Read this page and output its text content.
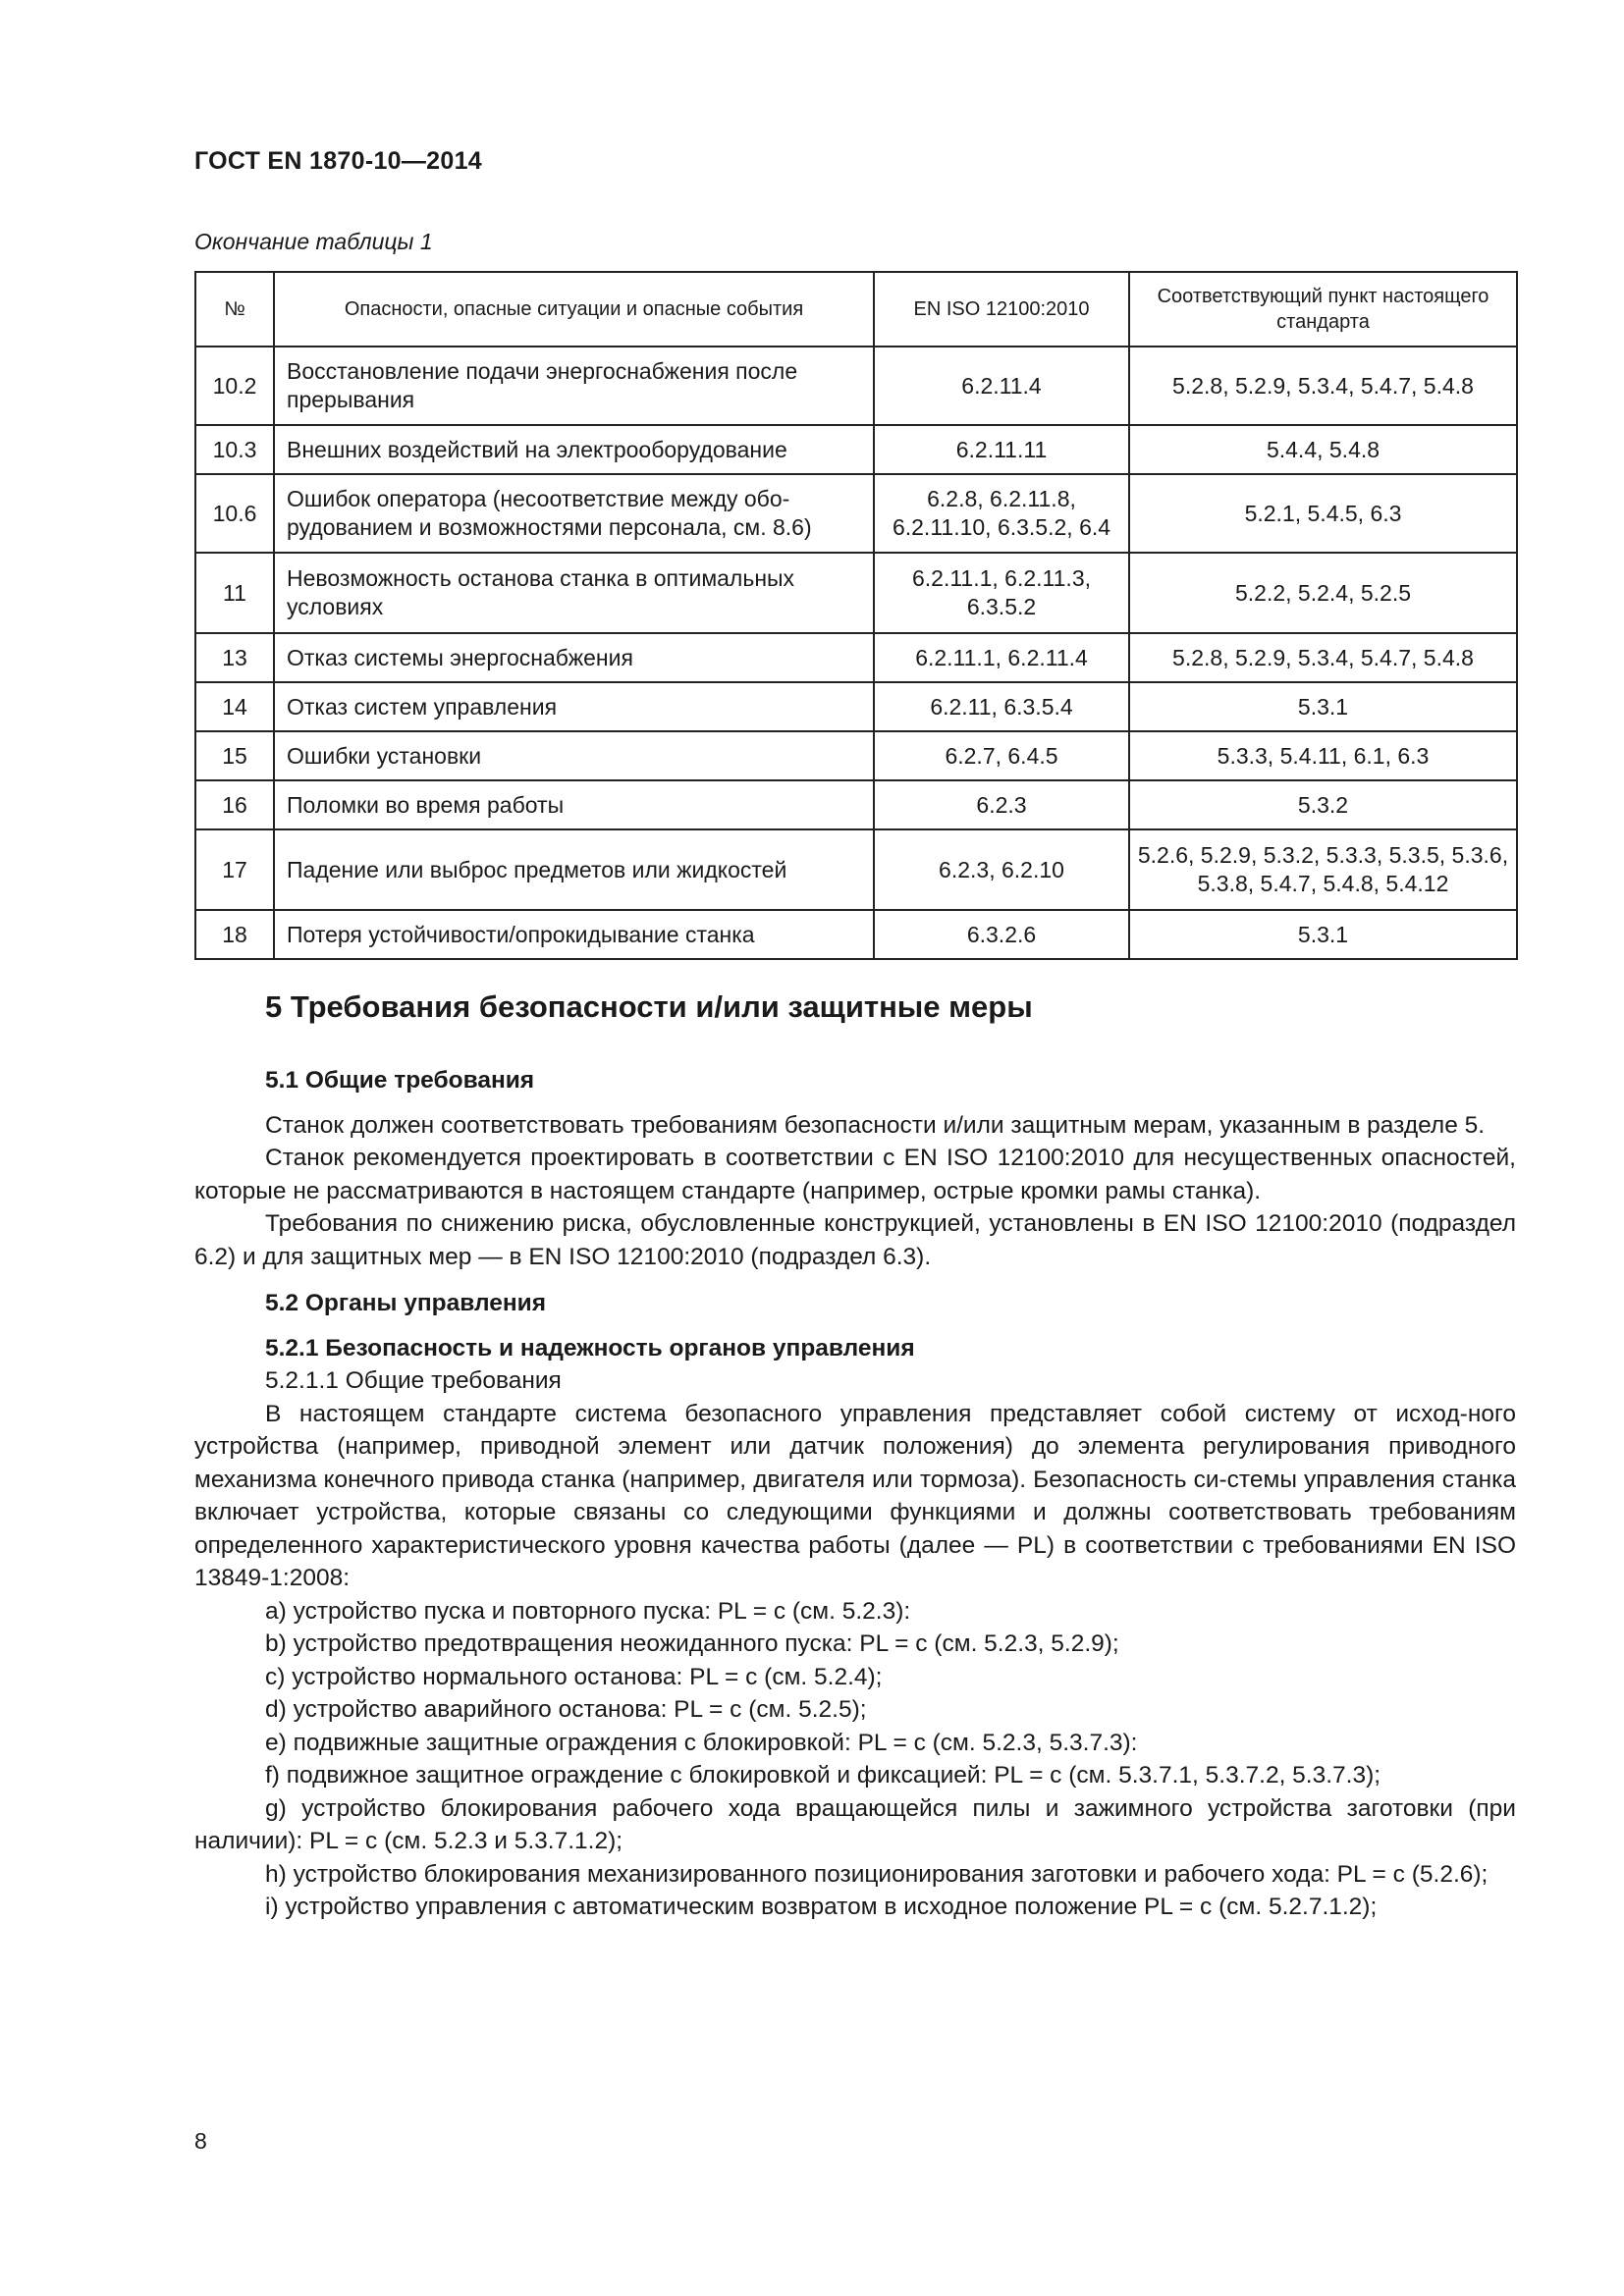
ГОСТ EN 1870-10—2014
Окончание таблицы 1
№	Опасности, опасные ситуации и опасные события	EN ISO 12100:2010	Соответствующий пункт настоящего стандарта
10.2	Восстановление подачи энергоснабжения после прерывания	6.2.11.4	5.2.8, 5.2.9, 5.3.4, 5.4.7, 5.4.8
10.3	Внешних воздействий на электрооборудование	6.2.11.11	5.4.4, 5.4.8
10.6	Ошибок оператора (несоответствие между обо-рудованием и возможностями персонала, см. 8.6)	6.2.8, 6.2.11.8, 6.2.11.10, 6.3.5.2, 6.4	5.2.1, 5.4.5, 6.3
11	Невозможность останова станка в оптимальных условиях	6.2.11.1, 6.2.11.3, 6.3.5.2	5.2.2, 5.2.4, 5.2.5
13	Отказ системы энергоснабжения	6.2.11.1, 6.2.11.4	5.2.8, 5.2.9, 5.3.4, 5.4.7, 5.4.8
14	Отказ систем управления	6.2.11, 6.3.5.4	5.3.1
15	Ошибки установки	6.2.7, 6.4.5	5.3.3, 5.4.11, 6.1, 6.3
16	Поломки во время работы	6.2.3	5.3.2
17	Падение или выброс предметов или жидкостей	6.2.3, 6.2.10	5.2.6, 5.2.9, 5.3.2, 5.3.3, 5.3.5, 5.3.6, 5.3.8, 5.4.7, 5.4.8, 5.4.12
18	Потеря устойчивости/опрокидывание станка	6.3.2.6	5.3.1
5 Требования безопасности и/или защитные меры
5.1 Общие требования

Станок должен соответствовать требованиям безопасности и/или защитным мерам, указанным в разделе 5.

Станок рекомендуется проектировать в соответствии с EN ISO 12100:2010 для несущественных опасностей, которые не рассматриваются в настоящем стандарте (например, острые кромки рамы станка).

Требования по снижению риска, обусловленные конструкцией, установлены в EN ISO 12100:2010 (подраздел 6.2) и для защитных мер — в EN ISO 12100:2010 (подраздел 6.3).

5.2 Органы управления
5.2.1 Безопасность и надежность органов управления
5.2.1.1 Общие требования

В настоящем стандарте система безопасного управления представляет собой систему от исход-ного устройства (например, приводной элемент или датчик положения) до элемента регулирования приводного механизма конечного привода станка (например, двигателя или тормоза). Безопасность си-стемы управления станка включает устройства, которые связаны со следующими функциями и должны соответствовать требованиям определенного характеристического уровня качества работы (далее — PL) в соответствии с требованиями EN ISO 13849-1:2008:

a) устройство пуска и повторного пуска: PL = c (см. 5.2.3):

b) устройство предотвращения неожиданного пуска: PL = c (см. 5.2.3, 5.2.9);

c) устройство нормального останова: PL = c (см. 5.2.4);

d) устройство аварийного останова: PL = c (см. 5.2.5);

e) подвижные защитные ограждения с блокировкой: PL = c (см. 5.2.3, 5.3.7.3):

f) подвижное защитное ограждение с блокировкой и фиксацией: PL = c (см. 5.3.7.1, 5.3.7.2, 5.3.7.3);

g) устройство блокирования рабочего хода вращающейся пилы и зажимного устройства заготовки (при наличии): PL = c (см. 5.2.3 и 5.3.7.1.2);

h) устройство блокирования механизированного позиционирования заготовки и рабочего хода: PL = c (5.2.6);

i) устройство управления с автоматическим возвратом в исходное положение PL = c (см. 5.2.7.1.2);

8
